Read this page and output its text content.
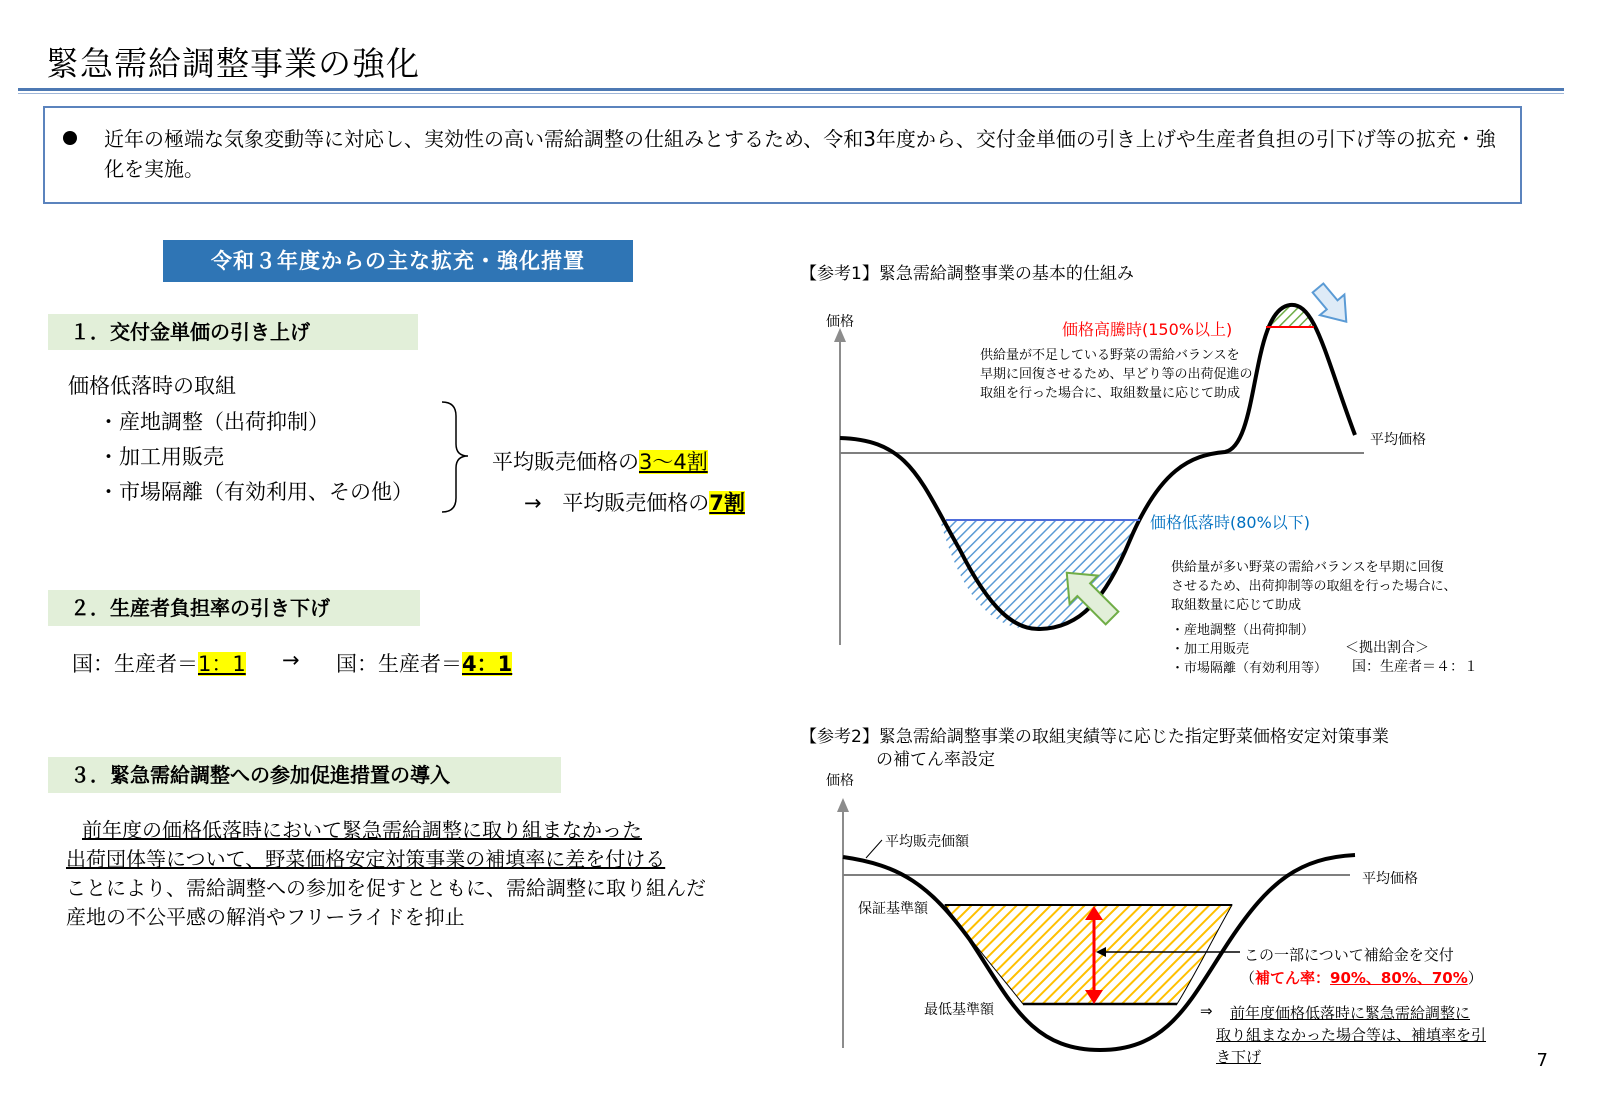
緊急需給調整事業の強化
近年の極端な気象変動等に対応し、実効性の高い需給調整の仕組みとするため、令和3年度から、交付金単価の引き上げや生産者負担の引下げ等の拡充・強化を実施。
令和３年度からの主な拡充・強化措置
１．交付金単価の引き上げ
価格低落時の取組
・産地調整（出荷抑制）
・加工用販売
・市場隔離（有効利用、その他）
平均販売価格の3～4割
→ 平均販売価格の7割
２．生産者負担率の引き下げ
国：生産者＝1：1 → 国：生産者＝4：1
３．緊急需給調整への参加促進措置の導入
前年度の価格低落時において緊急需給調整に取り組まなかった
出荷団体等について、野菜価格安定対策事業の補填率に差を付ける
ことにより、需給調整への参加を促すとともに、需給調整に取り組んだ
産地の不公平感の解消やフリーライドを抑止
【参考1】緊急需給調整事業の基本的仕組み
価格	価格高騰時(150%以上)
供給量が不足している野菜の需給バランスを
早期に回復させるため、早どり等の出荷促進の
取組を行った場合に、取組数量に応じて助成
平均価格
価格低落時(80%以下)
供給量が多い野菜の需給バランスを早期に回復
させるため、出荷抑制等の取組を行った場合に、
取組数量に応じて助成
・産地調整（出荷抑制）
・加工用販売
・市場隔離（有効利用等）
＜拠出割合＞
国：生産者＝４：１
【参考2】緊急需給調整事業の取組実績等に応じた指定野菜価格安定対策事業
の補てん率設定
価格
平均販売価額
平均価格
保証基準額
最低基準額
この一部について補給金を交付
（補てん率：90%、80%、70%）
⇒	前年度価格低落時に緊急需給調整に
取り組まなかった場合等は、補填率を引
き下げ	7
